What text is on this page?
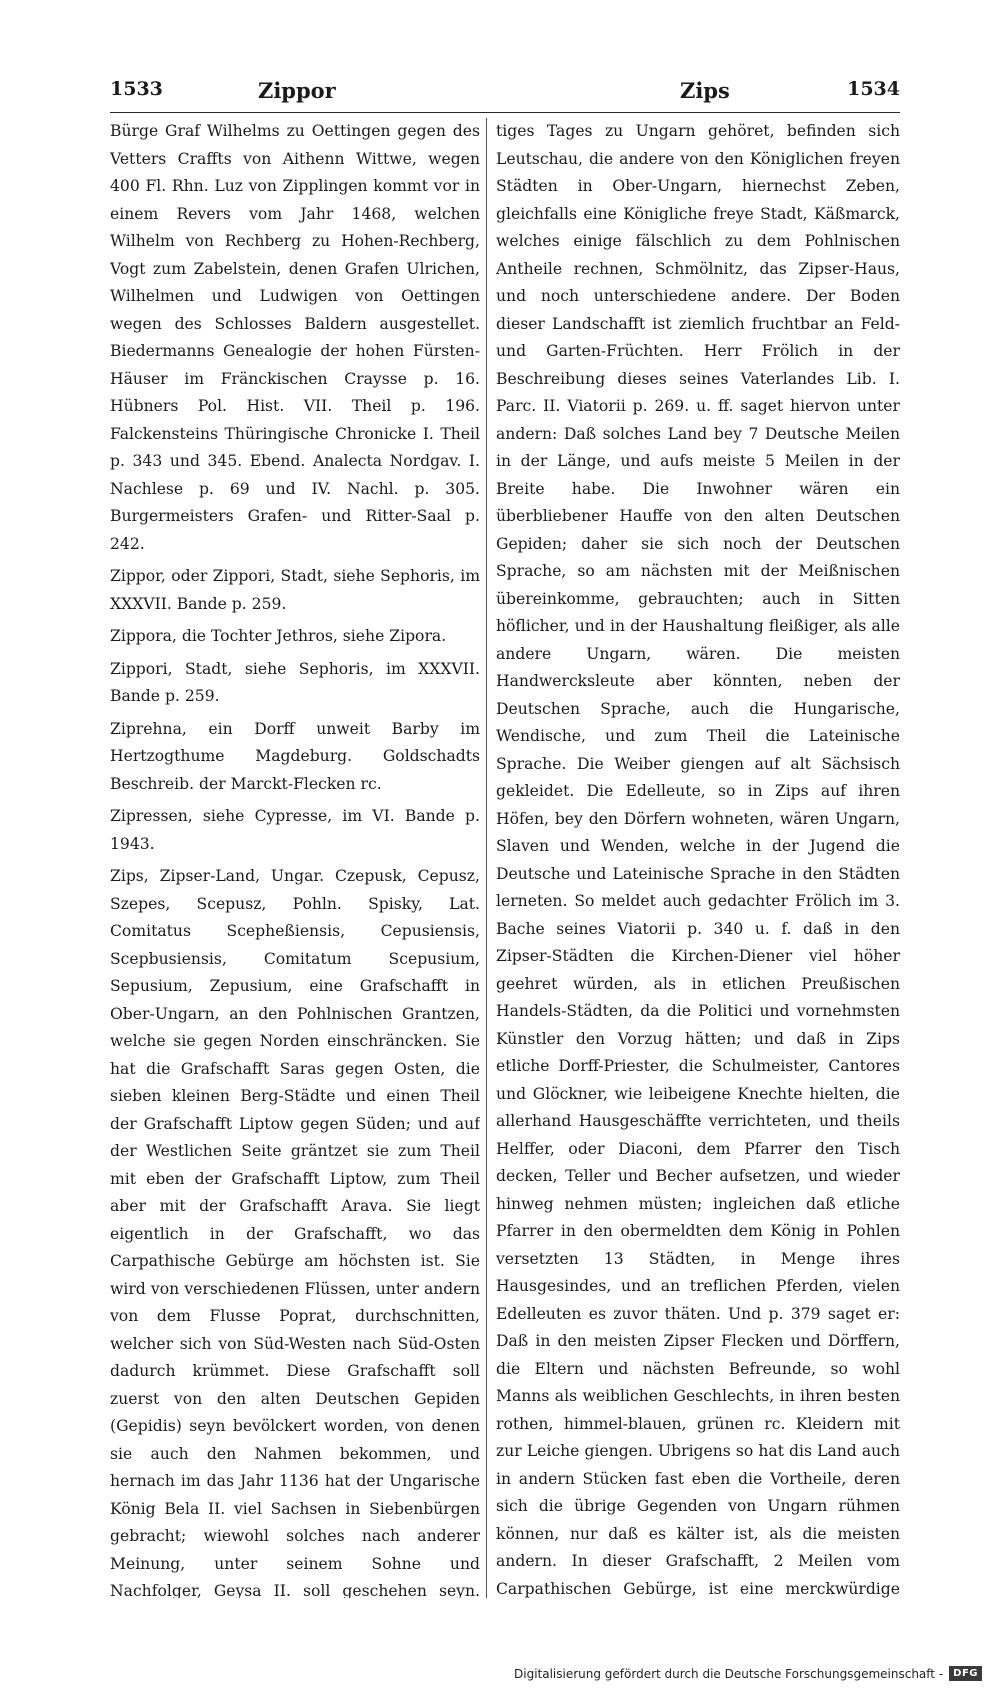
1533	Zippor	Zips	1534

Bürge Graf Wilhelms zu Oettingen gegen des Vetters Craffts von Aithenn Wittwe, wegen 400 Fl. Rhn. Luz von Zipplingen kommt vor in einem Revers vom Jahr 1468, welchen Wilhelm von Rechberg zu Hohen-Rechberg, Vogt zum Zabelstein, denen Grafen Ulrichen, Wilhelmen und Ludwigen von Oettingen wegen des Schlosses Baldern ausgestellet. Biedermanns Genealogie der hohen Fürsten-Häuser im Fränckischen Craysse p. 16. Hübners Pol. Hist. VII. Theil p. 196. Falckensteins Thüringische Chronicke I. Theil p. 343 und 345. Ebend. Analecta Nordgav. I. Nachlese p. 69 und IV. Nachl. p. 305. Burgermeisters Grafen- und Ritter-Saal p. 242.

Zippor, oder Zippori, Stadt, siehe Sephoris, im XXXVII. Bande p. 259.

Zippora, die Tochter Jethros, siehe Zipora.

Zippori, Stadt, siehe Sephoris, im XXXVII. Bande p. 259.

Ziprehna, ein Dorff unweit Barby im Hertzogthume Magdeburg. Goldschadts Beschreib. der Marckt-Flecken rc.

Zipressen, siehe Cypresse, im VI. Bande p. 1943.

Zips, Zipser-Land, Ungar. Czepusk, Cepusz, Szepes, Scepusz, Pohln. Spisky, Lat. Comitatus Scepheßiensis, Cepusiensis, Scepbusiensis, Comitatum Scepusium, Sepusium, Zepusium, eine Grafschafft in Ober-Ungarn, an den Pohlnischen Grantzen, welche sie gegen Norden einschräncken. Sie hat die Grafschafft Saras gegen Osten, die sieben kleinen Berg-Städte und einen Theil der Grafschafft Liptow gegen Süden; und auf der Westlichen Seite gräntzet sie zum Theil mit eben der Grafschafft Liptow, zum Theil aber mit der Grafschafft Arava. Sie liegt eigentlich in der Grafschafft, wo das Carpathische Gebürge am höchsten ist. Sie wird von verschiedenen Flüssen, unter andern von dem Flusse Poprat, durchschnitten, welcher sich von Süd-Westen nach Süd-Osten dadurch krümmet. Diese Grafschafft soll zuerst von den alten Deutschen Gepiden (Gepidis) seyn bevölckert worden, von denen sie auch den Nahmen bekommen, und hernach im das Jahr 1136 hat der Ungarische König Bela II. viel Sachsen in Siebenbürgen gebracht; wiewohl solches nach anderer Meinung, unter seinem Sohne und Nachfolger, Geysa II. soll geschehen seyn.

tiges Tages zu Ungarn gehöret, befinden sich Leutschau, die andere von den Königlichen freyen Städten in Ober-Ungarn, hiernechst Zeben, gleichfalls eine Königliche freye Stadt, Käßmarck, welches einige fälschlich zu dem Pohlnischen Antheile rechnen, Schmölnitz, das Zipser-Haus, und noch unterschiedene andere. Der Boden dieser Landschafft ist ziemlich fruchtbar an Feld- und Garten-Früchten. Herr Frölich in der Beschreibung dieses seines Vaterlandes Lib. I. Parc. II. Viatorii p. 269. u. ff. saget hiervon unter andern: Daß solches Land bey 7 Deutsche Meilen in der Länge, und aufs meiste 5 Meilen in der Breite habe. Die Inwohner wären ein überbliebener Hauffe von den alten Deutschen Gepiden; daher sie sich noch der Deutschen Sprache, so am nächsten mit der Meißnischen übereinkomme, gebrauchten; auch in Sitten höflicher, und in der Haushaltung fleißiger, als alle andere Ungarn, wären. Die meisten Handwercksleute aber könnten, neben der Deutschen Sprache, auch die Hungarische, Wendische, und zum Theil die Lateinische Sprache. Die Weiber giengen auf alt Sächsisch gekleidet. Die Edelleute, so in Zips auf ihren Höfen, bey den Dörfern wohneten, wären Ungarn, Slaven und Wenden, welche in der Jugend die Deutsche und Lateinische Sprache in den Städten lerneten. So meldet auch gedachter Frölich im 3. Bache seines Viatorii p. 340 u. f. daß in den Zipser-Städten die Kirchen-Diener viel höher geehret würden, als in etlichen Preußischen Handels-Städten, da die Politici und vornehmsten Künstler den Vorzug hätten; und daß in Zips etliche Dorff-Priester, die Schulmeister, Cantores und Glöckner, wie leibeigene Knechte hielten, die allerhand Hausgeschäffte verrichteten, und theils Helffer, oder Diaconi, dem Pfarrer den Tisch decken, Teller und Becher aufsetzen, und wieder hinweg nehmen müsten; ingleichen daß etliche Pfarrer in den obermeldten dem König in Pohlen versetzten 13 Städten, in Menge ihres Hausgesindes, und an treflichen Pferden, vielen Edelleuten es zuvor thäten. Und p. 379 saget er: Daß in den meisten Zipser Flecken und Dörffern, die Eltern und nächsten Befreunde, so wohl Manns als weiblichen Geschlechts, in ihren besten rothen, himmel-blauen, grünen rc. Kleidern mit zur Leiche giengen. Ubrigens so hat dis Land auch in andern Stücken fast eben die Vortheile, deren sich die übrige Gegenden von Ungarn rühmen können, nur daß es kälter ist, als die meisten andern. In dieser Grafschafft, 2 Meilen vom Carpathischen Gebürge, ist eine merckwürdige

Digitalisierung gefördert durch die Deutsche Forschungsgemeinschaft -	DFG
